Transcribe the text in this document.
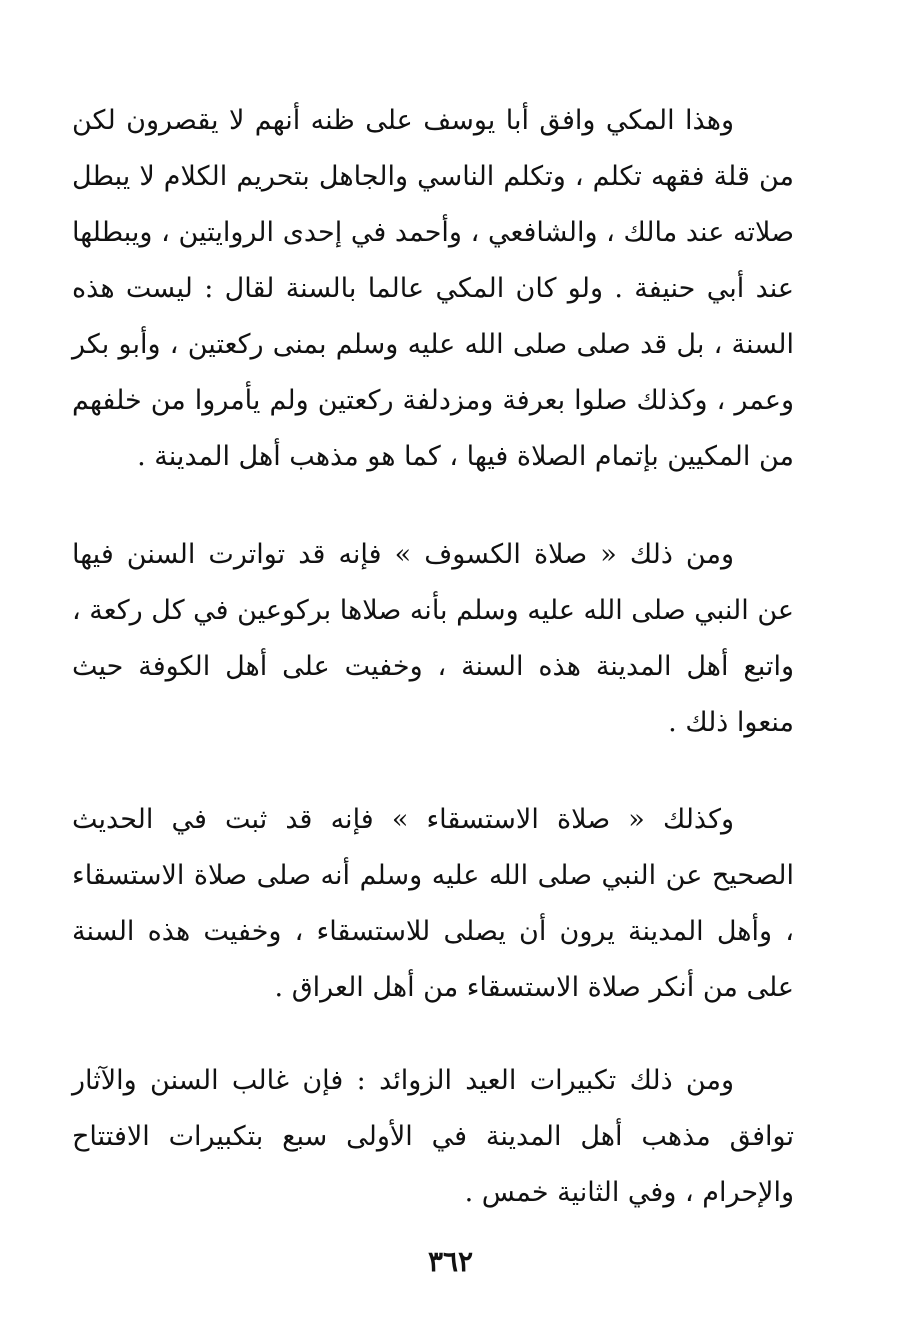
وهذا المكي وافق أبا يوسف على ظنه أنهم لا يقصرون لكن من قلة فقهه تكلم ، وتكلم الناسي والجاهل بتحريم الكلام لا يبطل صلاته عند مالك ، والشافعي ، وأحمد في إحدى الروايتين ، ويبطلها عند أبي حنيفة . ولو كان المكي عالما بالسنة لقال : ليست هذه السنة ، بل قد صلى صلى الله عليه وسلم بمنى ركعتين ، وأبو بكر وعمر ، وكذلك صلوا بعرفة ومزدلفة ركعتين ولم يأمروا من خلفهم من المكيين بإتمام الصلاة فيها ، كما هو مذهب أهل المدينة .

ومن ذلك « صلاة الكسوف » فإنه قد تواترت السنن فيها عن النبي صلى الله عليه وسلم بأنه صلاها بركوعين في كل ركعة ، واتبع أهل المدينة هذه السنة ، وخفيت على أهل الكوفة حيث منعوا ذلك .

وكذلك « صلاة الاستسقاء » فإنه قد ثبت في الحديث الصحيح عن النبي صلى الله عليه وسلم أنه صلى صلاة الاستسقاء ، وأهل المدينة يرون أن يصلى للاستسقاء ، وخفيت هذه السنة على من أنكر صلاة الاستسقاء من أهل العراق .

ومن ذلك تكبيرات العيد الزوائد : فإن غالب السنن والآثار توافق مذهب أهل المدينة في الأولى سبع بتكبيرات الافتتاح والإحرام ، وفي الثانية خمس .

٣٦٢
